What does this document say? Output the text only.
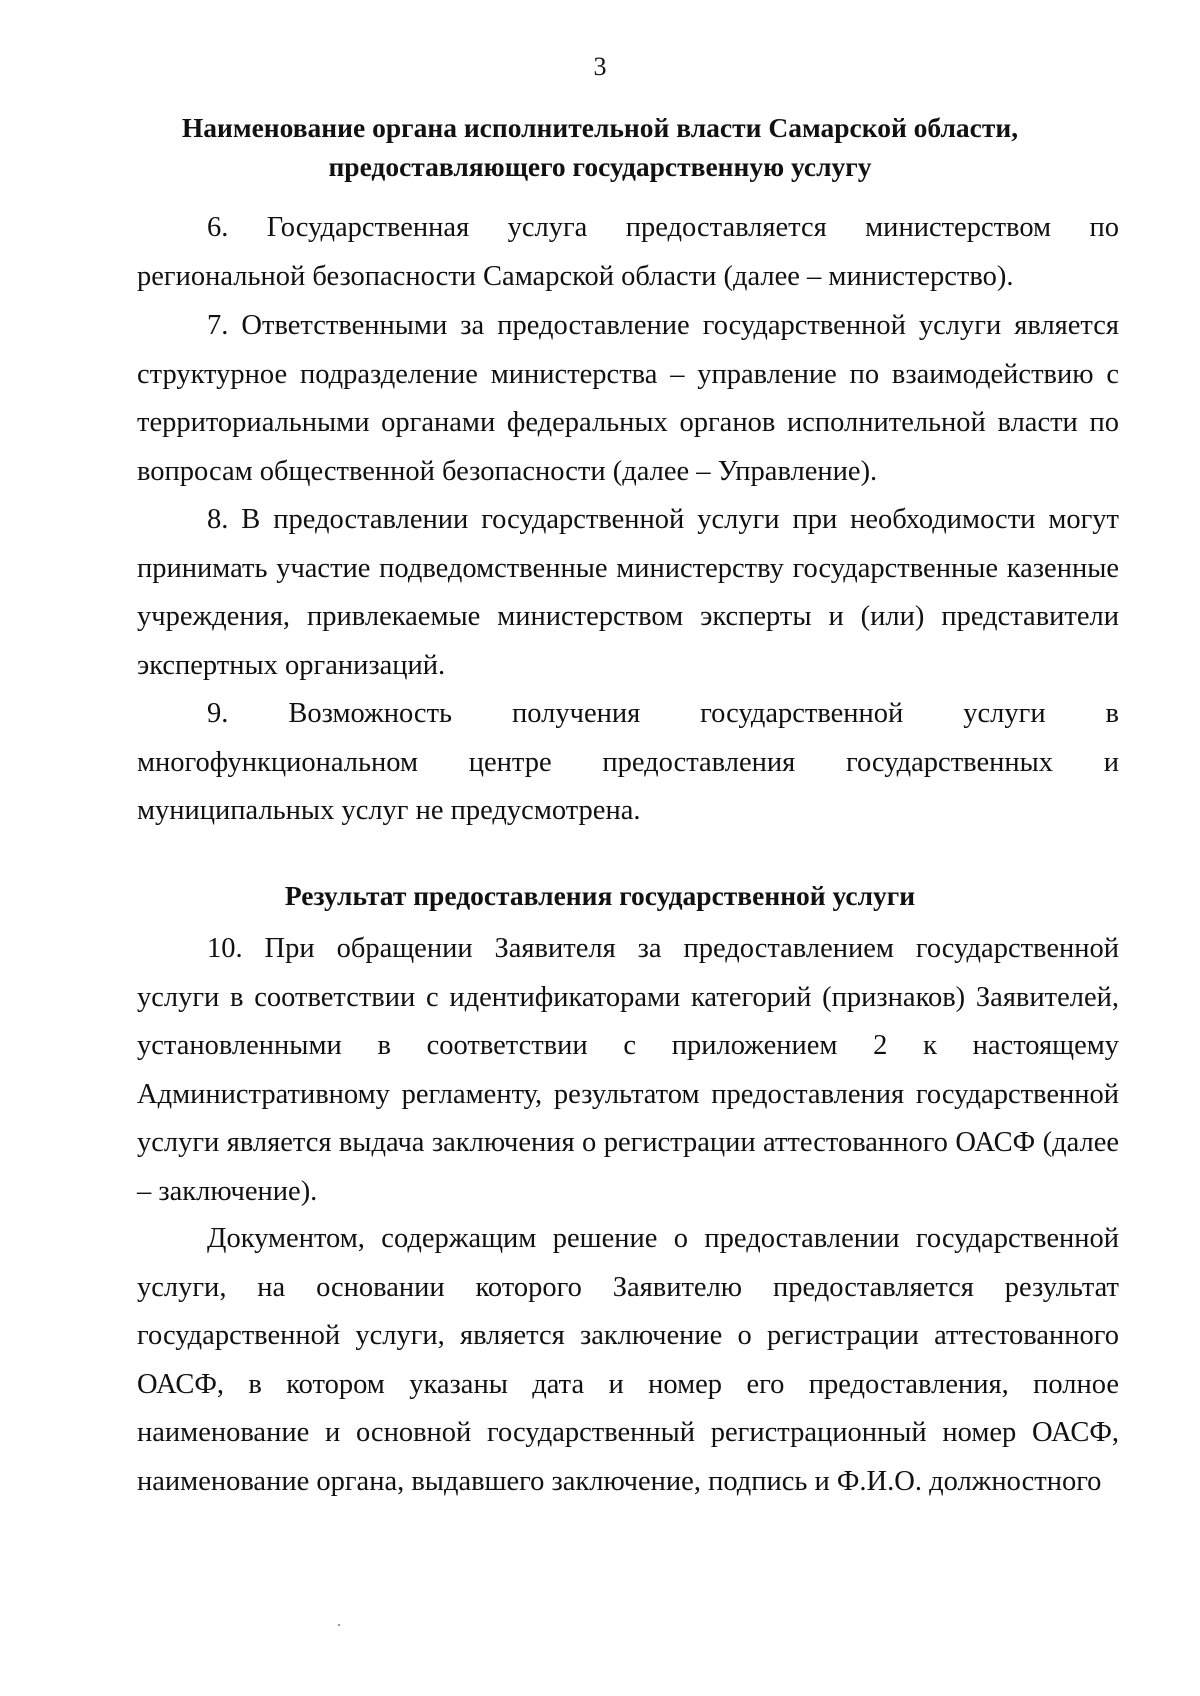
3
Наименование органа исполнительной власти Самарской области,
предоставляющего государственную услугу

6. Государственная услуга предоставляется министерством по региональной безопасности Самарской области (далее – министерство).

7. Ответственными за предоставление государственной услуги является структурное подразделение министерства – управление по взаимодействию с территориальными органами федеральных органов исполнительной власти по вопросам общественной безопасности (далее – Управление).

8. В предоставлении государственной услуги при необходимости могут принимать участие подведомственные министерству государственные казенные учреждения, привлекаемые министерством эксперты и (или) представители экспертных организаций.

9. Возможность получения государственной услуги в многофункциональном центре предоставления государственных и муниципальных услуг не предусмотрена.

Результат предоставления государственной услуги

10. При обращении Заявителя за предоставлением государственной услуги в соответствии с идентификаторами категорий (признаков) Заявителей, установленными в соответствии с приложением 2 к настоящему Административному регламенту, результатом предоставления государственной услуги является выдача заключения о регистрации аттестованного ОАСФ (далее – заключение).

Документом, содержащим решение о предоставлении государственной услуги, на основании которого Заявителю предоставляется результат государственной услуги, является заключение о регистрации аттестованного ОАСФ, в котором указаны дата и номер его предоставления, полное наименование и основной государственный регистрационный номер ОАСФ, наименование органа, выдавшего заключение, подпись и Ф.И.О. должностного
